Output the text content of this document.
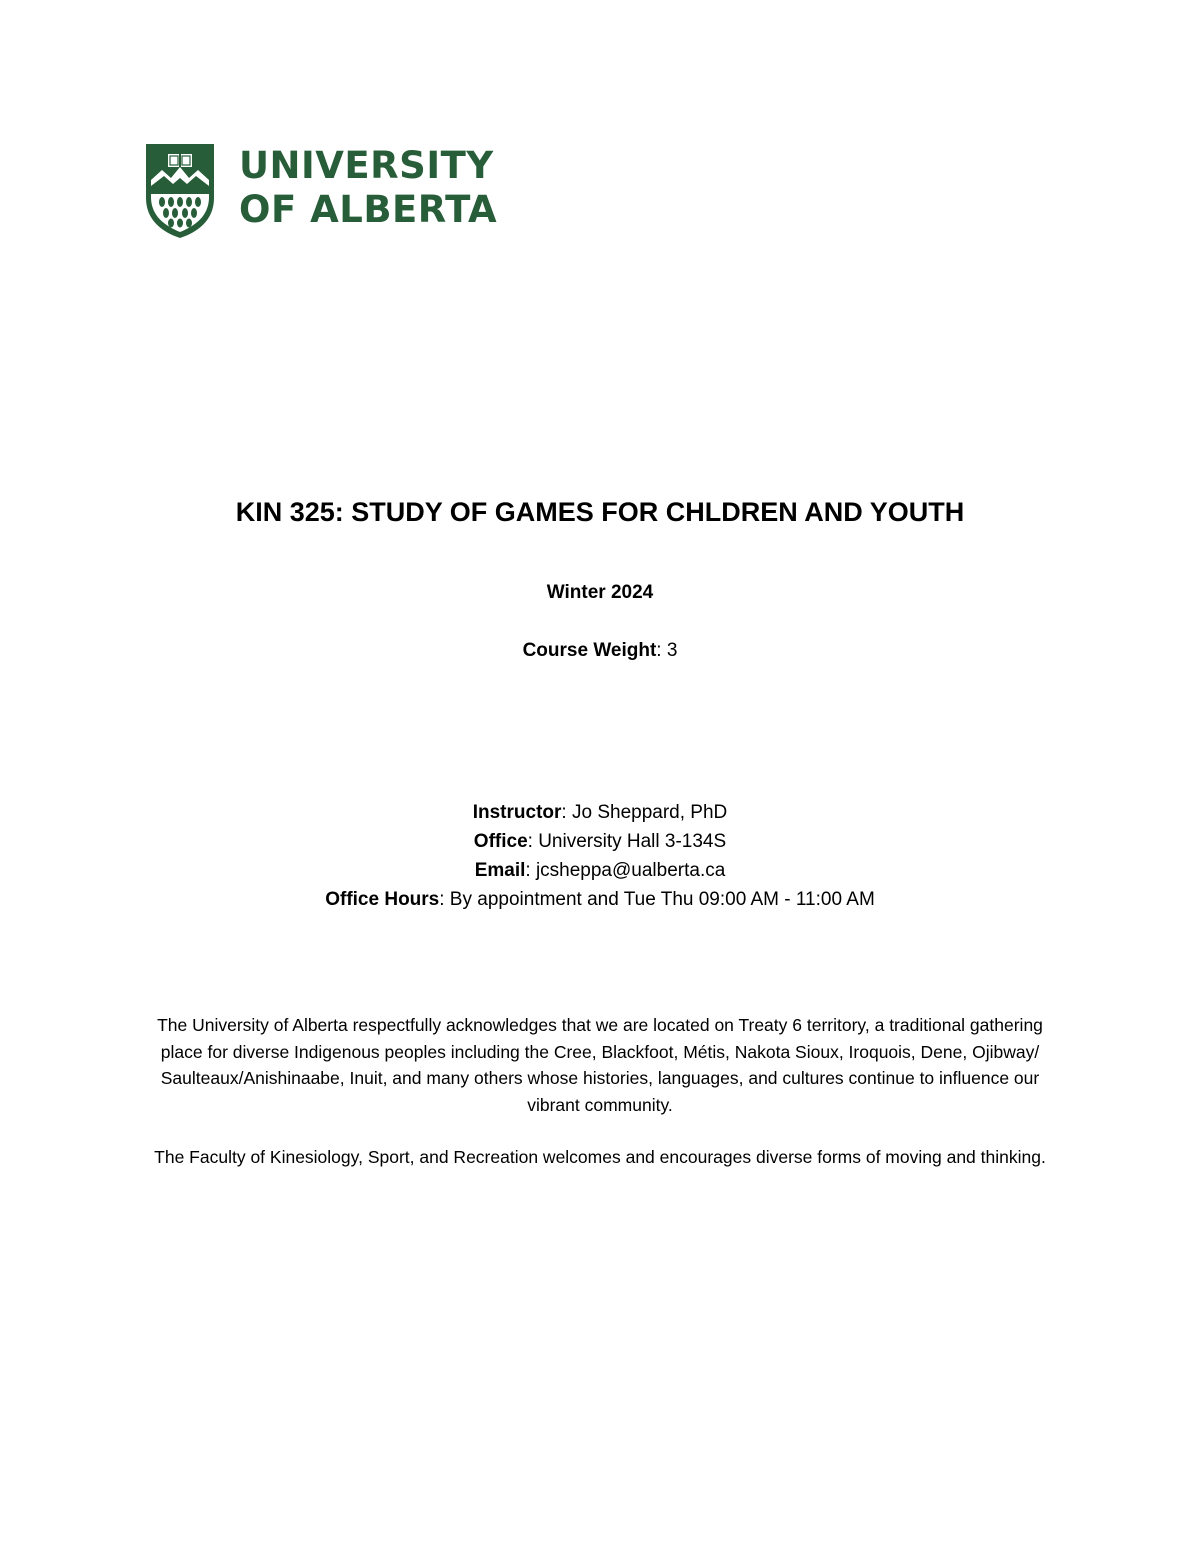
UNIVERSITY
OF ALBERTA
KIN 325: STUDY OF GAMES FOR CHLDREN AND YOUTH
Winter 2024
Course Weight: 3
Instructor: Jo Sheppard, PhD
Office: University Hall 3-134S
Email: jcsheppa@ualberta.ca
Office Hours: By appointment and Tue Thu 09:00 AM - 11:00 AM

The University of Alberta respectfully acknowledges that we are located on Treaty 6 territory, a traditional gathering place for diverse Indigenous peoples including the Cree, Blackfoot, Métis, Nakota Sioux, Iroquois, Dene, Ojibway/ Saulteaux/Anishinaabe, Inuit, and many others whose histories, languages, and cultures continue to influence our vibrant community.

The Faculty of Kinesiology, Sport, and Recreation welcomes and encourages diverse forms of moving and thinking.
